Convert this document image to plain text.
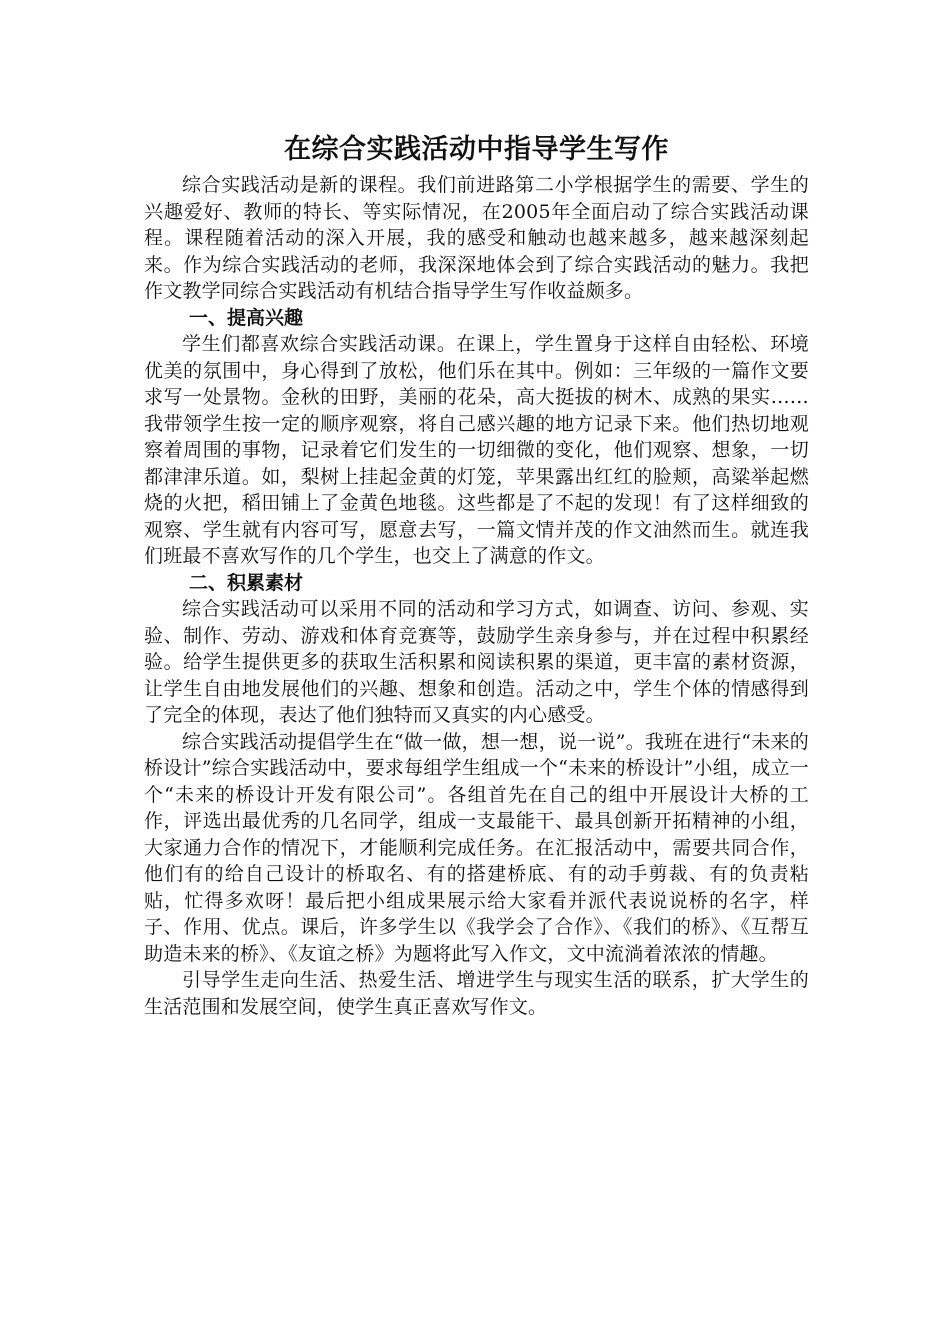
在综合实践活动中指导学生写作

综合实践活动是新的课程。我们前进路第二小学根据学生的需要、学生的兴趣爱好、教师的特长、等实际情况，在2005年全面启动了综合实践活动课程。课程随着活动的深入开展，我的感受和触动也越来越多，越来越深刻起来。作为综合实践活动的老师，我深深地体会到了综合实践活动的魅力。我把作文教学同综合实践活动有机结合指导学生写作收益颇多。

一、提高兴趣

学生们都喜欢综合实践活动课。在课上，学生置身于这样自由轻松、环境优美的氛围中，身心得到了放松，他们乐在其中。例如：三年级的一篇作文要求写一处景物。金秋的田野，美丽的花朵，高大挺拔的树木、成熟的果实……我带领学生按一定的顺序观察，将自己感兴趣的地方记录下来。他们热切地观察着周围的事物，记录着它们发生的一切细微的变化，他们观察、想象，一切都津津乐道。如，梨树上挂起金黄的灯笼，苹果露出红红的脸颊，高粱举起燃烧的火把，稻田铺上了金黄色地毯。这些都是了不起的发现！有了这样细致的观察、学生就有内容可写，愿意去写，一篇文情并茂的作文油然而生。就连我们班最不喜欢写作的几个学生，也交上了满意的作文。

二、积累素材

综合实践活动可以采用不同的活动和学习方式，如调查、访问、参观、实验、制作、劳动、游戏和体育竞赛等，鼓励学生亲身参与，并在过程中积累经验。给学生提供更多的获取生活积累和阅读积累的渠道，更丰富的素材资源，让学生自由地发展他们的兴趣、想象和创造。活动之中，学生个体的情感得到了完全的体现，表达了他们独特而又真实的内心感受。

综合实践活动提倡学生在“做一做，想一想，说一说”。我班在进行“未来的桥设计”综合实践活动中，要求每组学生组成一个“未来的桥设计”小组，成立一个“未来的桥设计开发有限公司”。各组首先在自己的组中开展设计大桥的工作，评选出最优秀的几名同学，组成一支最能干、最具创新开拓精神的小组，大家通力合作的情况下，才能顺利完成任务。在汇报活动中，需要共同合作，他们有的给自己设计的桥取名、有的搭建桥底、有的动手剪裁、有的负责粘贴，忙得多欢呀！最后把小组成果展示给大家看并派代表说说桥的名字，样子、作用、优点。课后，许多学生以《我学会了合作》、《我们的桥》、《互帮互助造未来的桥》、《友谊之桥》为题将此写入作文，文中流淌着浓浓的情趣。

引导学生走向生活、热爱生活、增进学生与现实生活的联系，扩大学生的生活范围和发展空间，使学生真正喜欢写作文。
